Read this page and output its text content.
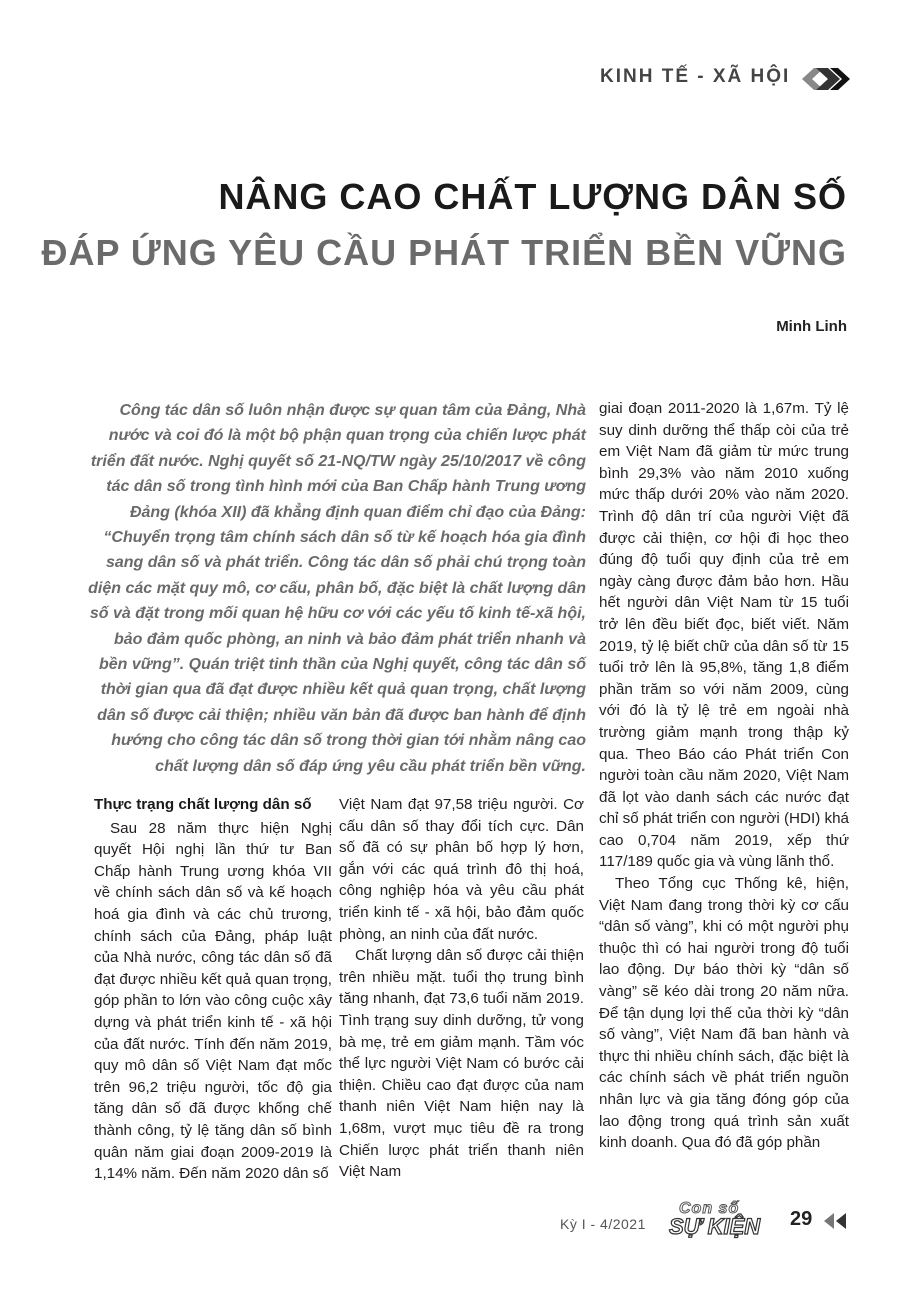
KINH TẾ - XÃ HỘI
NÂNG CAO CHẤT LƯỢNG DÂN SỐ
ĐÁP ỨNG YÊU CẦU PHÁT TRIỂN BỀN VỮNG
Minh Linh
Công tác dân số luôn nhận được sự quan tâm của Đảng, Nhà nước và coi đó là một bộ phận quan trọng của chiến lược phát triển đất nước. Nghị quyết số 21-NQ/TW ngày 25/10/2017 về công tác dân số trong tình hình mới của Ban Chấp hành Trung ương Đảng (khóa XII) đã khẳng định quan điểm chỉ đạo của Đảng: “Chuyển trọng tâm chính sách dân số từ kế hoạch hóa gia đình sang dân số và phát triển. Công tác dân số phải chú trọng toàn diện các mặt quy mô, cơ cấu, phân bố, đặc biệt là chất lượng dân số và đặt trong mối quan hệ hữu cơ với các yếu tố kinh tế-xã hội, bảo đảm quốc phòng, an ninh và bảo đảm phát triển nhanh và bền vững”. Quán triệt tinh thần của Nghị quyết, công tác dân số thời gian qua đã đạt được nhiều kết quả quan trọng, chất lượng dân số được cải thiện; nhiều văn bản đã được ban hành để định hướng cho công tác dân số trong thời gian tới nhằm nâng cao chất lượng dân số đáp ứng yêu cầu phát triển bền vững.
Thực trạng chất lượng dân số

Sau 28 năm thực hiện Nghị quyết Hội nghị lần thứ tư Ban Chấp hành Trung ương khóa VII về chính sách dân số và kế hoạch hoá gia đình và các chủ trương, chính sách của Đảng, pháp luật của Nhà nước, công tác dân số đã đạt được nhiều kết quả quan trọng, góp phần to lớn vào công cuộc xây dựng và phát triển kinh tế - xã hội của đất nước. Tính đến năm 2019, quy mô dân số Việt Nam đạt mốc trên 96,2 triệu người, tốc độ gia tăng dân số đã được khống chế thành công, tỷ lệ tăng dân số bình quân năm giai đoạn 2009-2019 là 1,14% năm. Đến năm 2020 dân số

Việt Nam đạt 97,58 triệu người. Cơ cấu dân số thay đổi tích cực. Dân số đã có sự phân bố hợp lý hơn, gắn với các quá trình đô thị hoá, công nghiệp hóa và yêu cầu phát triển kinh tế - xã hội, bảo đảm quốc phòng, an ninh của đất nước.

Chất lượng dân số được cải thiện trên nhiều mặt. tuổi thọ trung bình tăng nhanh, đạt 73,6 tuổi năm 2019. Tình trạng suy dinh dưỡng, tử vong bà mẹ, trẻ em giảm mạnh. Tầm vóc thể lực người Việt Nam có bước cải thiện. Chiều cao đạt được của nam thanh niên Việt Nam hiện nay là 1,68m, vượt mục tiêu đề ra trong Chiến lược phát triển thanh niên Việt Nam

giai đoạn 2011-2020 là 1,67m. Tỷ lệ suy dinh dưỡng thể thấp còi của trẻ em Việt Nam đã giảm từ mức trung bình 29,3% vào năm 2010 xuống mức thấp dưới 20% vào năm 2020. Trình độ dân trí của người Việt đã được cải thiện, cơ hội đi học theo đúng độ tuổi quy định của trẻ em ngày càng được đảm bảo hơn. Hầu hết người dân Việt Nam từ 15 tuổi trở lên đều biết đọc, biết viết. Năm 2019, tỷ lệ biết chữ của dân số từ 15 tuổi trở lên là 95,8%, tăng 1,8 điểm phần trăm so với năm 2009, cùng với đó là tỷ lệ trẻ em ngoài nhà trường giảm mạnh trong thập kỷ qua. Theo Báo cáo Phát triển Con người toàn cầu năm 2020, Việt Nam đã lọt vào danh sách các nước đạt chỉ số phát triển con người (HDI) khá cao 0,704 năm 2019, xếp thứ 117/189 quốc gia và vùng lãnh thổ.

Theo Tổng cục Thống kê, hiện, Việt Nam đang trong thời kỳ cơ cấu “dân số vàng”, khi có một người phụ thuộc thì có hai người trong độ tuổi lao động. Dự báo thời kỳ “dân số vàng” sẽ kéo dài trong 20 năm nữa. Để tận dụng lợi thế của thời kỳ “dân số vàng”, Việt Nam đã ban hành và thực thi nhiều chính sách, đặc biệt là các chính sách về phát triển nguồn nhân lực và gia tăng đóng góp của lao động trong quá trình sản xuất kinh doanh. Qua đó đã góp phần

Kỳ I - 4/2021
Con số
SỰ KIỆN 29
